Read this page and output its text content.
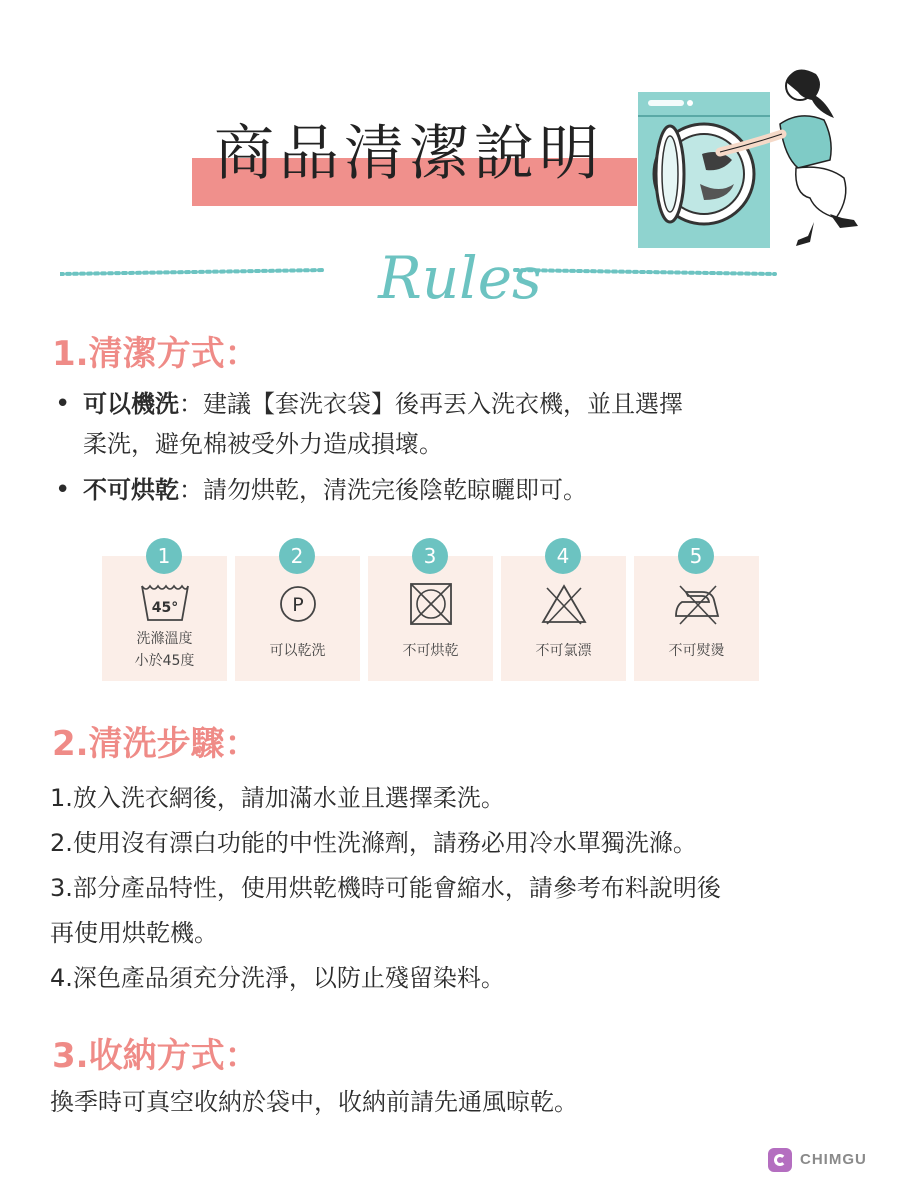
商品清潔說明
Rules
1.清潔方式：
• 可以機洗：建議【套洗衣袋】後再丟入洗衣機，並且選擇
柔洗，避免棉被受外力造成損壞。
• 不可烘乾：請勿烘乾，清洗完後陰乾晾曬即可。
1
45°
洗滌溫度
小於45度
2
P
可以乾洗
3
不可烘乾
4
不可氯漂
5
不可熨燙
2.清洗步驟：
1.放入洗衣網後，請加滿水並且選擇柔洗。
2.使用沒有漂白功能的中性洗滌劑，請務必用冷水單獨洗滌。
3.部分產品特性，使用烘乾機時可能會縮水，請參考布料說明後
再使用烘乾機。
4.深色產品須充分洗淨，以防止殘留染料。
3.收納方式：
換季時可真空收納於袋中，收納前請先通風晾乾。
CHIMGU
